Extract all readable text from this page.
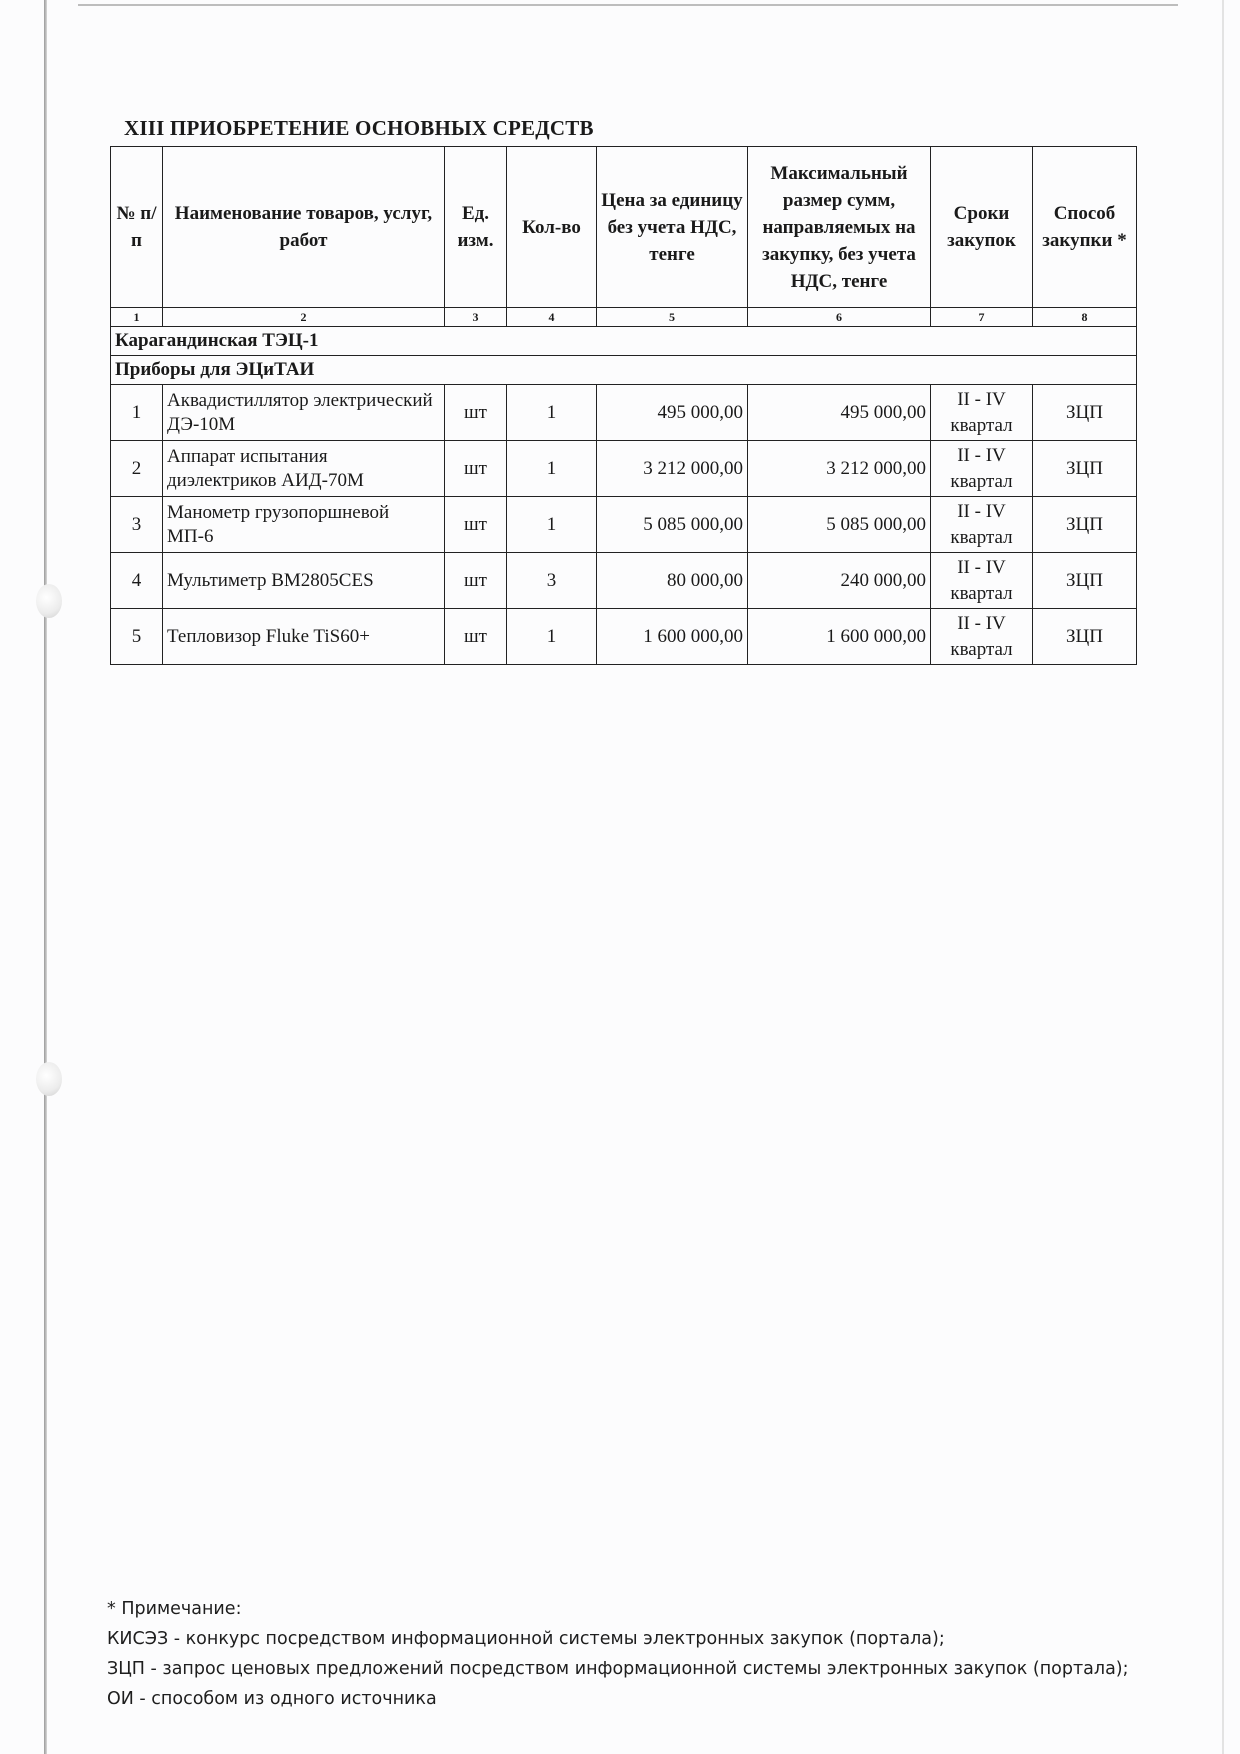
XIII ПРИОБРЕТЕНИЕ ОСНОВНЫХ СРЕДСТВ
№ п/п	Наименование товаров, услуг, работ	Ед. изм.	Кол-во	Цена за единицу без учета НДС, тенге	Максимальный размер сумм, направляемых на закупку, без учета НДС, тенге	Сроки закупок	Способ закупки *
1	2	3	4	5	6	7	8
Карагандинская ТЭЦ-1							
Приборы для ЭЦиТАИ							
1	Аквадистиллятор электрический ДЭ-10М	шт	1	495 000,00	495 000,00	II - IV квартал	ЗЦП
2	Аппарат испытания диэлектриков АИД-70М	шт	1	3 212 000,00	3 212 000,00	II - IV квартал	ЗЦП
3	Манометр грузопоршневой МП-6	шт	1	5 085 000,00	5 085 000,00	II - IV квартал	ЗЦП
4	Мультиметр ВМ2805CES	шт	3	80 000,00	240 000,00	II - IV квартал	ЗЦП
5	Тепловизор Fluke TiS60+	шт	1	1 600 000,00	1 600 000,00	II - IV квартал	ЗЦП
* Примечание:
КИСЭЗ - конкурс посредством информационной системы электронных закупок (портала);
ЗЦП - запрос ценовых предложений посредством информационной системы электронных закупок (портала);
ОИ - способом из одного источника
